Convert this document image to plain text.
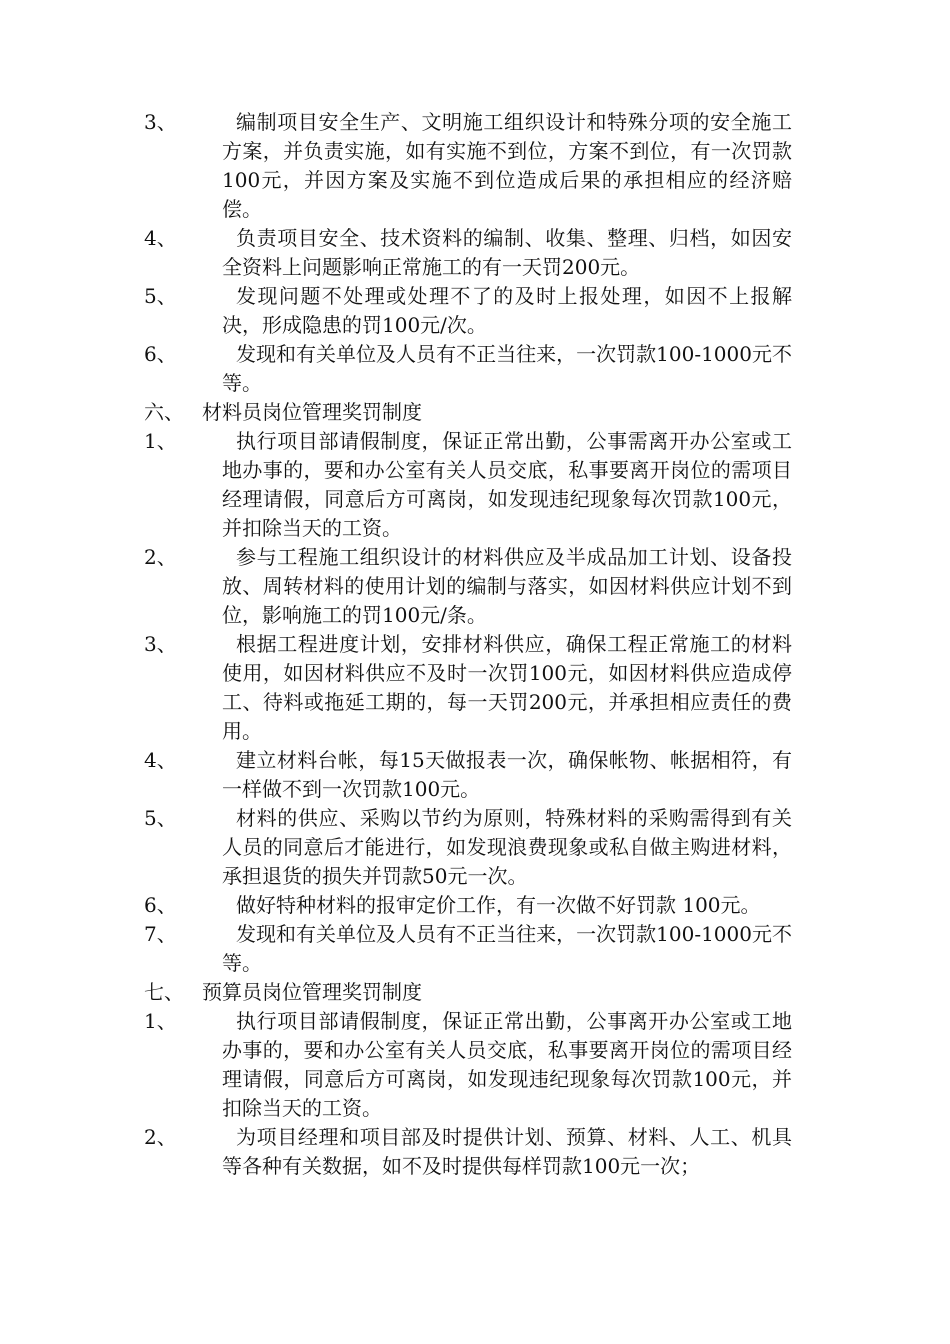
3、	编制项目安全生产、文明施工组织设计和特殊分项的安全施工方案，并负责实施，如有实施不到位，方案不到位，有一次罚款100元，并因方案及实施不到位造成后果的承担相应的经济赔偿。
4、	负责项目安全、技术资料的编制、收集、整理、归档，如因安全资料上问题影响正常施工的有一天罚200元。
5、	发现问题不处理或处理不了的及时上报处理，如因不上报解决，形成隐患的罚100元/次。
6、	发现和有关单位及人员有不正当往来，一次罚款100-1000元不等。
六、 材料员岗位管理奖罚制度
1、	执行项目部请假制度，保证正常出勤，公事需离开办公室或工地办事的，要和办公室有关人员交底，私事要离开岗位的需项目经理请假，同意后方可离岗，如发现违纪现象每次罚款100元，并扣除当天的工资。
2、	参与工程施工组织设计的材料供应及半成品加工计划、设备投放、周转材料的使用计划的编制与落实，如因材料供应计划不到位，影响施工的罚100元/条。
3、	根据工程进度计划，安排材料供应，确保工程正常施工的材料使用，如因材料供应不及时一次罚100元，如因材料供应造成停工、待料或拖延工期的，每一天罚200元，并承担相应责任的费用。
4、	建立材料台帐，每15天做报表一次，确保帐物、帐据相符，有一样做不到一次罚款100元。
5、	材料的供应、采购以节约为原则，特殊材料的采购需得到有关人员的同意后才能进行，如发现浪费现象或私自做主购进材料，承担退货的损失并罚款50元一次。
6、	做好特种材料的报审定价工作，有一次做不好罚款 100元。
7、	发现和有关单位及人员有不正当往来，一次罚款100-1000元不等。
七、 预算员岗位管理奖罚制度
1、	执行项目部请假制度，保证正常出勤，公事离开办公室或工地办事的，要和办公室有关人员交底，私事要离开岗位的需项目经理请假，同意后方可离岗，如发现违纪现象每次罚款100元，并扣除当天的工资。
2、	为项目经理和项目部及时提供计划、预算、材料、人工、机具等各种有关数据，如不及时提供每样罚款100元一次；
